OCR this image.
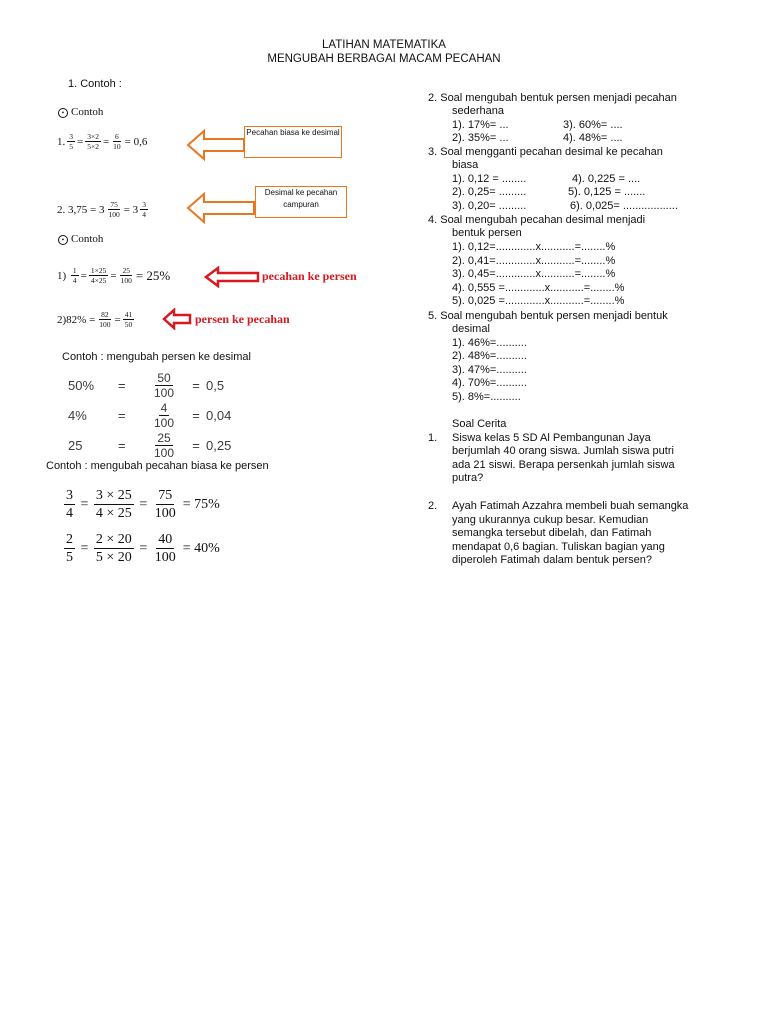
LATIHAN MATEMATIKA
MENGUBAH BERBAGAI MACAM PECAHAN
1. Contoh :
• Contoh
1. $\frac{3}{5} = \frac{3\times 2}{5\times 2} = \frac{6}{10} = 0,6$
Pecahan biasa ke desimal
2.
$3,75 = 3 \frac{75}{100} = 3 \frac{3}{4}$
Desimal ke pecahan campuran
• Contoh
1)
$\frac{1}{4} = \frac{1\times 25}{4\times 25} = \frac{25}{100} = 25\%$	pecahan ke persen
2) $82\% = \frac{82}{100} = \frac{41}{50}$	persen ke pecahan
Contoh : mengubah persen ke desimal
50%	=	$\frac{50}{100} = 0,5$
4%	=	$\frac{4}{100} = 0,04$
25	=	$\frac{25}{100} = 0,25$
Contoh : mengubah pecahan biasa ke persen
$\frac{3}{4} = \frac{3 \times 25}{4 \times 25} = \frac{75}{100} = 75\%$
$\frac{2}{5} = \frac{2 \times 20}{5 \times 20} = \frac{40}{100} = 40\%$
2. Soal mengubah bentuk persen menjadi pecahan
sederhana
1). 17%= ...	3). 60%= ....
2). 35%= ...	4). 48%= ....
3. Soal mengganti pecahan desimal ke pecahan
biasa
1). 0,12 = ........	4). 0,225 = ....
2). 0,25= .........	5). 0,125 = .......
3). 0,20= .........	6). 0,025= ..................
4. Soal mengubah pecahan desimal menjadi
bentuk persen
1). 0,12=.............x...........=........%
2). 0,41=.............x...........=........%
3). 0,45=.............x...........=........%
4). 0,555 =.............x...........=........%
5). 0,025 =.............x...........=........%
5. Soal mengubah bentuk persen menjadi bentuk
desimal
1). 46%=..........
2). 48%=..........
3). 47%=..........
4). 70%=..........
5). 8%=..........
Soal Cerita
1. Siswa kelas 5 SD Al Pembangunan Jaya
berjumlah 40 orang siswa. Jumlah siswa putri
ada 21 siswi. Berapa persenkah jumlah siswa
putra?
2. Ayah Fatimah Azzahra membeli buah semangka
yang ukurannya cukup besar. Kemudian
semangka tersebut dibelah, dan Fatimah
mendapat 0,6 bagian. Tuliskan bagian yang
diperoleh Fatimah dalam bentuk persen?
